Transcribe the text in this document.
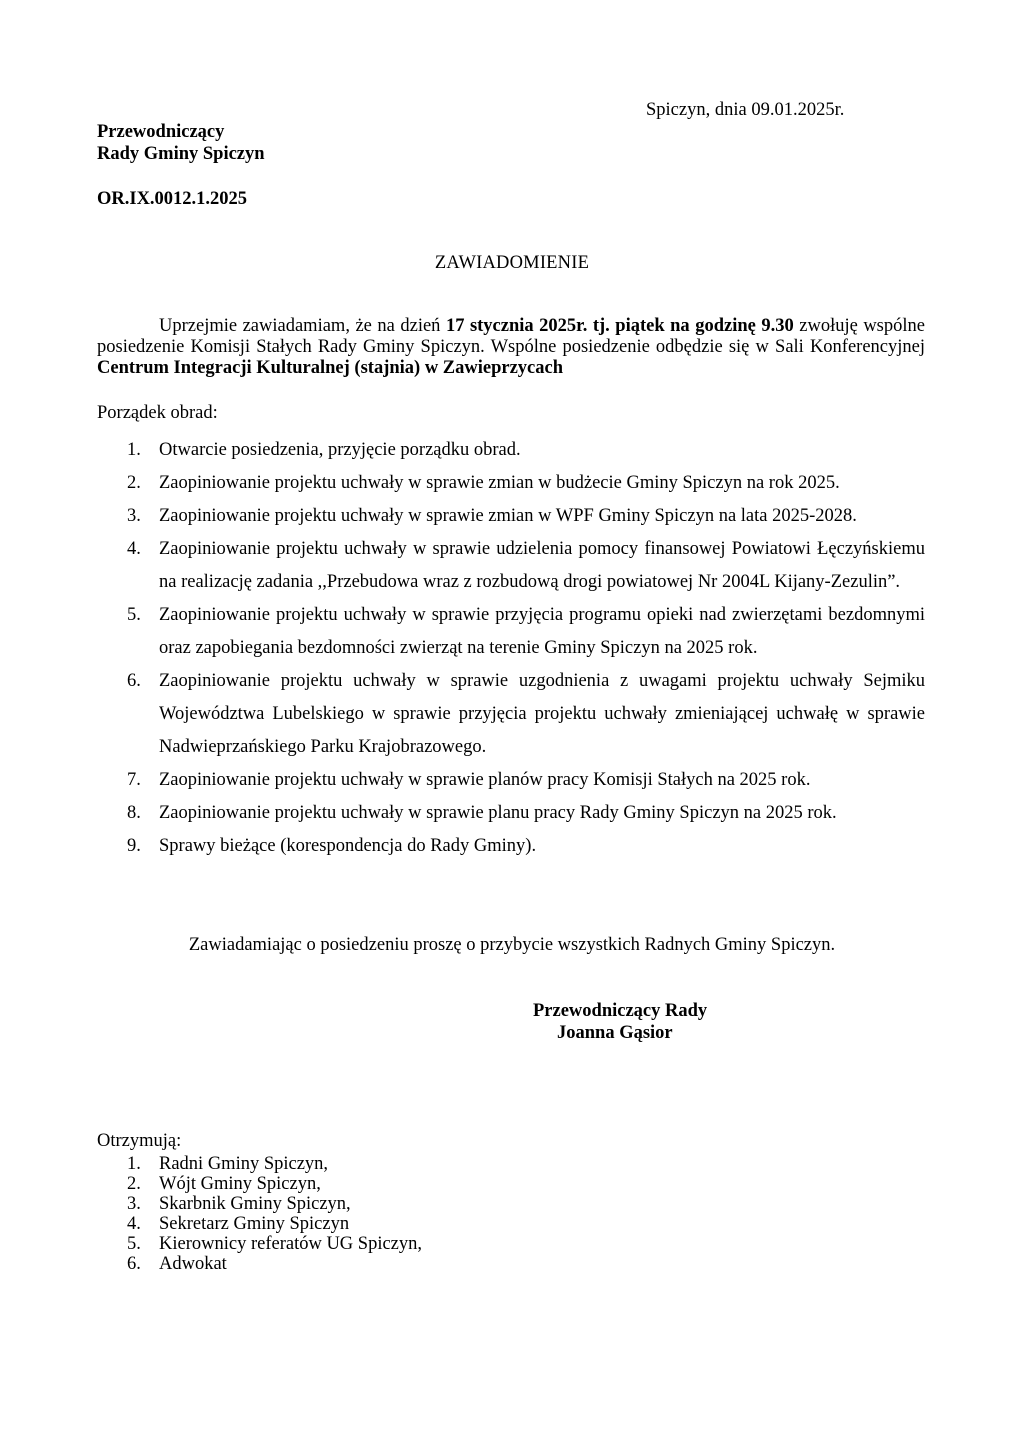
Spiczyn, dnia 09.01.2025r.
Przewodniczący
Rady Gminy Spiczyn
OR.IX.0012.1.2025
ZAWIADOMIENIE

Uprzejmie zawiadamiam, że na dzień 17 stycznia 2025r. tj. piątek na godzinę 9.30 zwołuję wspólne posiedzenie Komisji Stałych Rady Gminy Spiczyn. Wspólne posiedzenie odbędzie się w Sali Konferencyjnej Centrum Integracji Kulturalnej (stajnia) w Zawieprzycach

Porządek obrad:
1. Otwarcie posiedzenia, przyjęcie porządku obrad.
2. Zaopiniowanie projektu uchwały w sprawie zmian w budżecie Gminy Spiczyn na rok 2025.
3. Zaopiniowanie projektu uchwały w sprawie zmian w WPF Gminy Spiczyn na lata 2025-2028.
4. Zaopiniowanie projektu uchwały w sprawie udzielenia pomocy finansowej Powiatowi Łęczyńskiemu na realizację zadania ,,Przebudowa wraz z rozbudową drogi powiatowej Nr 2004L Kijany-Zezulin”.
5. Zaopiniowanie projektu uchwały w sprawie przyjęcia programu opieki nad zwierzętami bezdomnymi oraz zapobiegania bezdomności zwierząt na terenie Gminy Spiczyn na 2025 rok.
6. Zaopiniowanie projektu uchwały w sprawie uzgodnienia z uwagami projektu uchwały Sejmiku Województwa Lubelskiego w sprawie przyjęcia projektu uchwały zmieniającej uchwałę w sprawie Nadwieprzańskiego Parku Krajobrazowego.
7. Zaopiniowanie projektu uchwały w sprawie planów pracy Komisji Stałych na 2025 rok.
8. Zaopiniowanie projektu uchwały w sprawie planu pracy Rady Gminy Spiczyn na 2025 rok.
9. Sprawy bieżące (korespondencja do Rady Gminy).
Zawiadamiając o posiedzeniu proszę o przybycie wszystkich Radnych Gminy Spiczyn.
Przewodniczący Rady
Joanna Gąsior
Otrzymują:
1. Radni Gminy Spiczyn,
2. Wójt Gminy Spiczyn,
3. Skarbnik Gminy Spiczyn,
4. Sekretarz Gminy Spiczyn
5. Kierownicy referatów UG Spiczyn,
6. Adwokat
